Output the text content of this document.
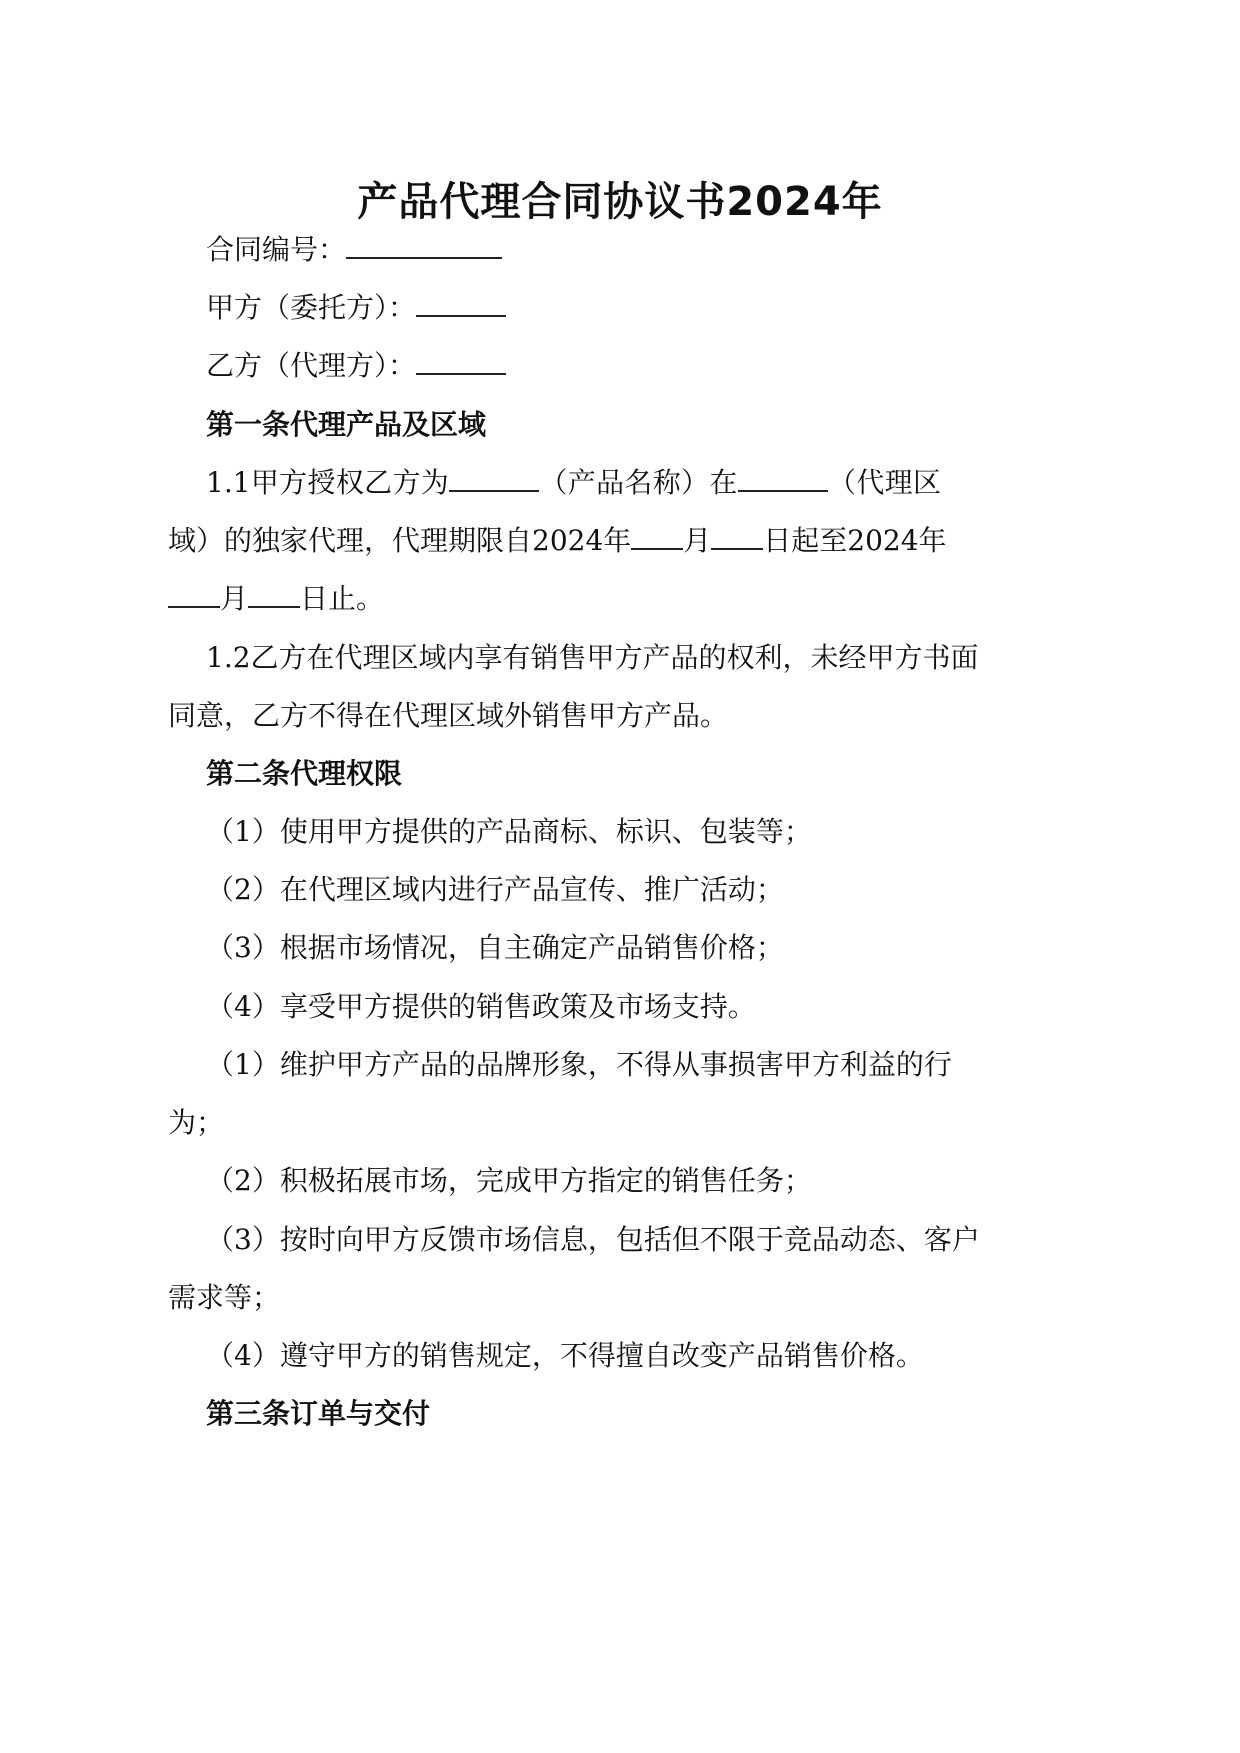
产品代理合同协议书2024年
合同编号：
甲方（委托方）：
乙方（代理方）：
第一条代理产品及区域
1.1甲方授权乙方为	（产品名称）在	（代理区
域）的独家代理，代理期限自2024年 月 日起至2024年
月 日止。
1.2乙方在代理区域内享有销售甲方产品的权利，未经甲方书面
同意，乙方不得在代理区域外销售甲方产品。
第二条代理权限
（1）使用甲方提供的产品商标、标识、包装等；
（2）在代理区域内进行产品宣传、推广活动；
（3）根据市场情况，自主确定产品销售价格；
（4）享受甲方提供的销售政策及市场支持。
（1）维护甲方产品的品牌形象，不得从事损害甲方利益的行
为；
（2）积极拓展市场，完成甲方指定的销售任务；
（3）按时向甲方反馈市场信息，包括但不限于竞品动态、客户
需求等；
（4）遵守甲方的销售规定，不得擅自改变产品销售价格。
第三条订单与交付
